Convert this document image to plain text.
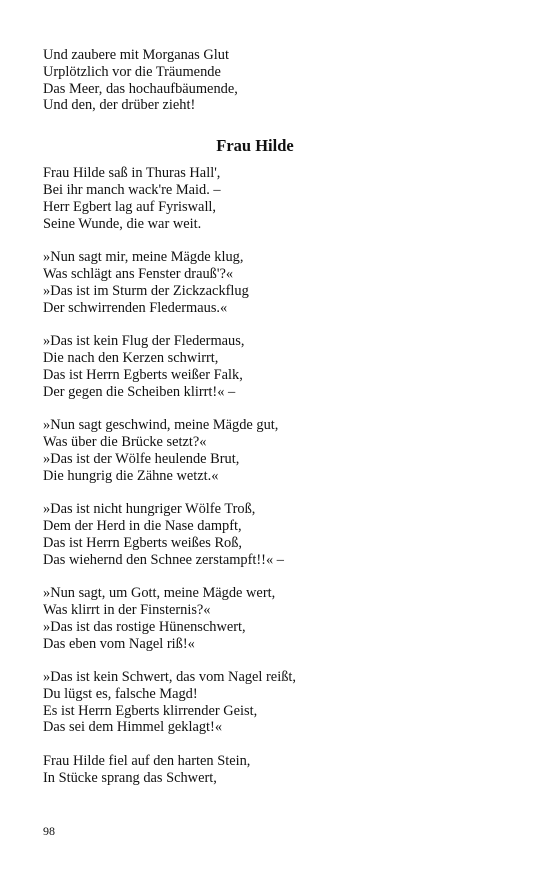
Und zaubere mit Morganas Glut
Urplötzlich vor die Träumende
Das Meer, das hochaufbäumende,
Und den, der drüber zieht!
Frau Hilde
Frau Hilde saß in Thuras Hall',
Bei ihr manch wack're Maid. –
Herr Egbert lag auf Fyriswall,
Seine Wunde, die war weit.
»Nun sagt mir, meine Mägde klug,
Was schlägt ans Fenster drauß'?«
»Das ist im Sturm der Zickzackflug
Der schwirrenden Fledermaus.«
»Das ist kein Flug der Fledermaus,
Die nach den Kerzen schwirrt,
Das ist Herrn Egberts weißer Falk,
Der gegen die Scheiben klirrt!« –
»Nun sagt geschwind, meine Mägde gut,
Was über die Brücke setzt?«
»Das ist der Wölfe heulende Brut,
Die hungrig die Zähne wetzt.«
»Das ist nicht hungriger Wölfe Troß,
Dem der Herd in die Nase dampft,
Das ist Herrn Egberts weißes Roß,
Das wiehernd den Schnee zerstampft!!« –
»Nun sagt, um Gott, meine Mägde wert,
Was klirrt in der Finsternis?«
»Das ist das rostige Hünenschwert,
Das eben vom Nagel riß!«
»Das ist kein Schwert, das vom Nagel reißt,
Du lügst es, falsche Magd!
Es ist Herrn Egberts klirrender Geist,
Das sei dem Himmel geklagt!«
Frau Hilde fiel auf den harten Stein,
In Stücke sprang das Schwert,
98
